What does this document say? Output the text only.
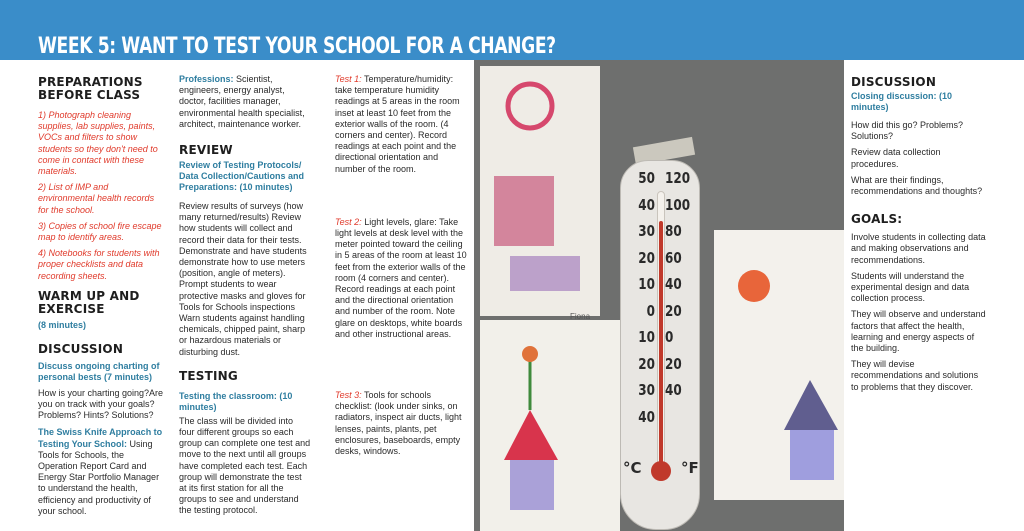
WEEK 5: WANT TO TEST YOUR SCHOOL FOR A CHANGE?
PREPARATIONS
BEFORE CLASS

1) Photograph cleaning supplies, lab supplies, paints, VOCs and filters to show students so they don't need to come in contact with these materials.

2) List of IMP and environmental health records for the school.

3) Copies of school fire escape map to identify areas.

4) Notebooks for students with proper checklists and data recording sheets.

WARM UP AND
EXERCISE
(8 minutes)
DISCUSSION
Discuss ongoing charting of personal bests (7 minutes)

How is your charting going?Are you on track with your goals? Problems? Hints? Solutions?

The Swiss Knife Approach to Testing Your School: Using Tools for Schools, the Operation Report Card and Energy Star Portfolio Manager to understand the health, efficiency and productivity of your school.

Professions: Scientist, engineers, energy analyst, doctor, facilities manager, environmental health specialist, architect, maintenance worker.

REVIEW
Review of Testing Protocols/ Data Collection/Cautions and Preparations: (10 minutes)

Review results of surveys (how many returned/results) Review how students will collect and record their data for their tests. Demonstrate and have students demonstrate how to use meters (position, angle of meters). Prompt students to wear protective masks and gloves for Tools for Schools inspections Warn students against handling chemicals, chipped paint, sharp or hazardous materials or disturbing dust.

TESTING
Testing the classroom: (10 minutes)

The class will be divided into four different groups so each group can complete one test and move to the next until all groups have completed each test. Each group will demonstrate the test at its first station for all the groups to see and understand the testing protocol.

Test 1: Temperature/humidity: take temperature humidity readings at 5 areas in the room inset at least 10 feet from the exterior walls of the room. (4 corners and center). Record readings at each point and the directional orientation and number of the room.

Test 2: Light levels, glare: Take light levels at desk level with the meter pointed toward the ceiling in 5 areas of the room at least 10 feet from the exterior walls of the room (4 corners and center). Record readings at each point and the directional orientation and number of the room. Note glare on desktops, white boards and other instructional areas.

Test 3: Tools for schools checklist: (look under sinks, on radiators, inspect air ducts, light lenses, paints, plants, pet enclosures, baseboards, empty desks, windows.

Fiona
°C	°F
50
40
30
20
10
0
10
20
30
40
120
100
80
60
40
20
0
20
40
DISCUSSION
Closing discussion: (10 minutes)

How did this go? Problems? Solutions?

Review data collection procedures.

What are their findings, recommendations and thoughts?

GOALS:

Involve students in collecting data and making observations and recommendations.

Students will understand the experimental design and data collection process.

They will observe and understand factors that affect the health, learning and energy aspects of the building.

They will devise recommendations and solutions to problems that they discover.
